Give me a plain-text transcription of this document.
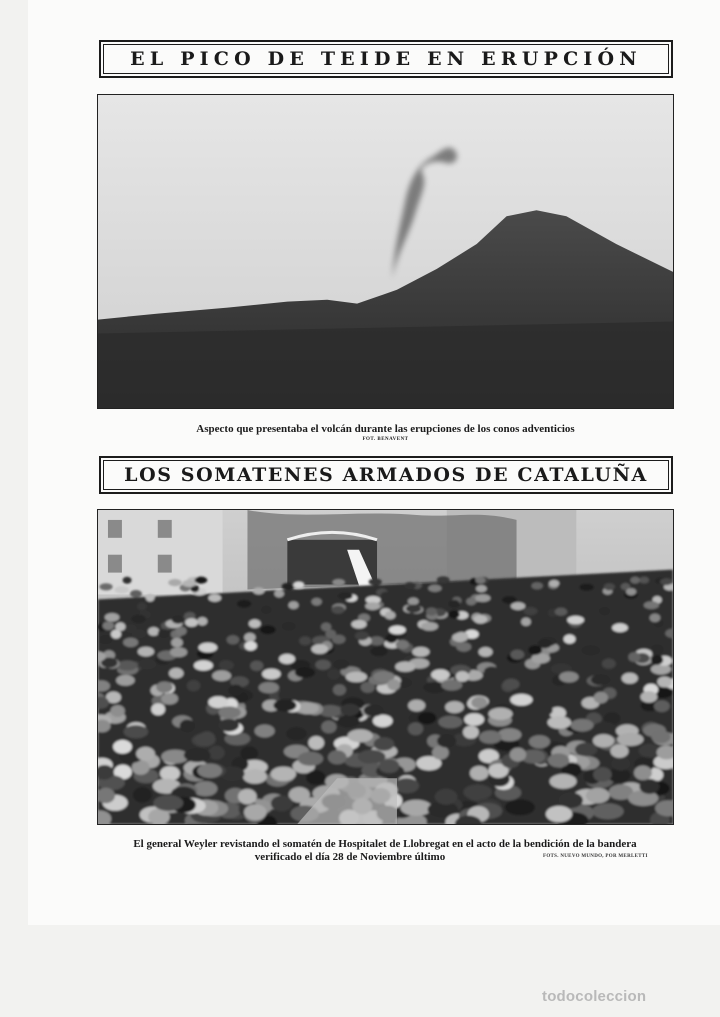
EL PICO DE TEIDE EN ERUPCIÓN
Aspecto que presentaba el volcán durante las erupciones de los conos adventicios
FOT. BENAVENT
LOS SOMATENES ARMADOS DE CATALUÑA
El general Weyler revistando el somatén de Hospitalet de Llobregat en el acto de la bendición de la bandera
verificado el día 28 de Noviembre último	FOTS. NUEVO MUNDO, POR MERLETTI
todocoleccion
